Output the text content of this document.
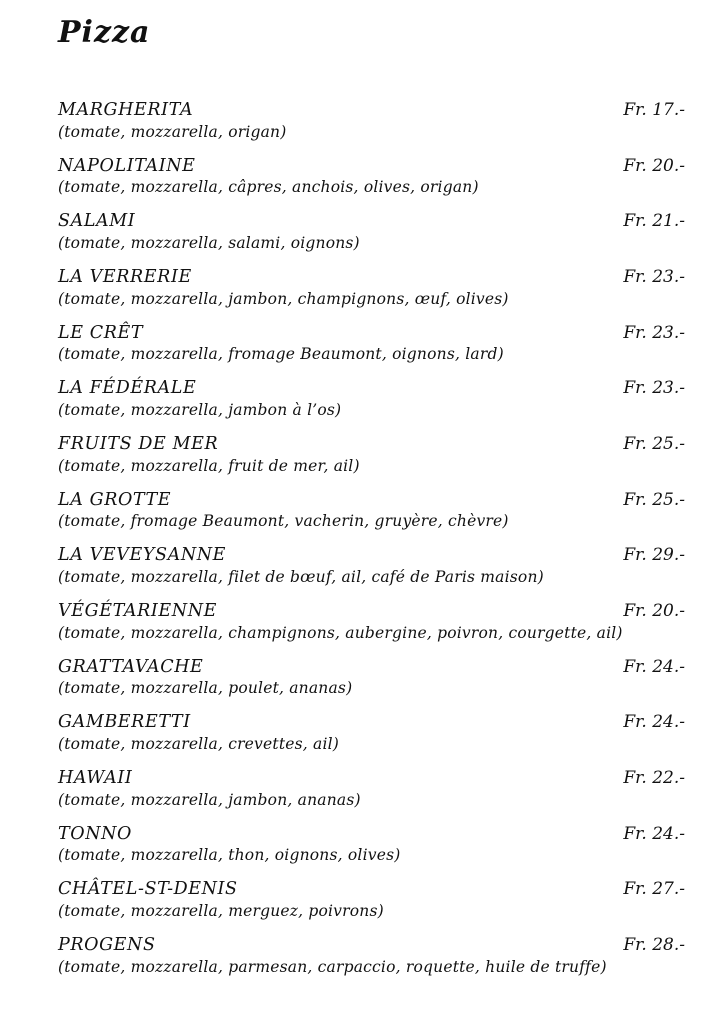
Pizza
MARGHERITA	Fr. 17.-
(tomate, mozzarella, origan)
NAPOLITAINE	Fr. 20.-
(tomate, mozzarella, câpres, anchois, olives, origan)
SALAMI	Fr. 21.-
(tomate, mozzarella, salami, oignons)
LA VERRERIE	Fr. 23.-
(tomate, mozzarella, jambon, champignons, œuf, olives)
LE CRÊT	Fr. 23.-
(tomate, mozzarella, fromage Beaumont, oignons, lard)
LA FÉDÉRALE	Fr. 23.-
(tomate, mozzarella, jambon à l’os)
FRUITS DE MER	Fr. 25.-
(tomate, mozzarella, fruit de mer, ail)
LA GROTTE	Fr. 25.-
(tomate, fromage Beaumont, vacherin, gruyère, chèvre)
LA VEVEYSANNE	Fr. 29.-
(tomate, mozzarella, filet de bœuf, ail, café de Paris maison)
VÉGÉTARIENNE	Fr. 20.-
(tomate, mozzarella, champignons, aubergine, poivron, courgette, ail)
GRATTAVACHE	Fr. 24.-
(tomate, mozzarella, poulet, ananas)
GAMBERETTI	Fr. 24.-
(tomate, mozzarella, crevettes, ail)
HAWAII	Fr. 22.-
(tomate, mozzarella, jambon, ananas)
TONNO	Fr. 24.-
(tomate, mozzarella, thon, oignons, olives)
CHÂTEL-ST-DENIS	Fr. 27.-
(tomate, mozzarella, merguez, poivrons)
PROGENS	Fr. 28.-
(tomate, mozzarella, parmesan, carpaccio, roquette, huile de truffe)
